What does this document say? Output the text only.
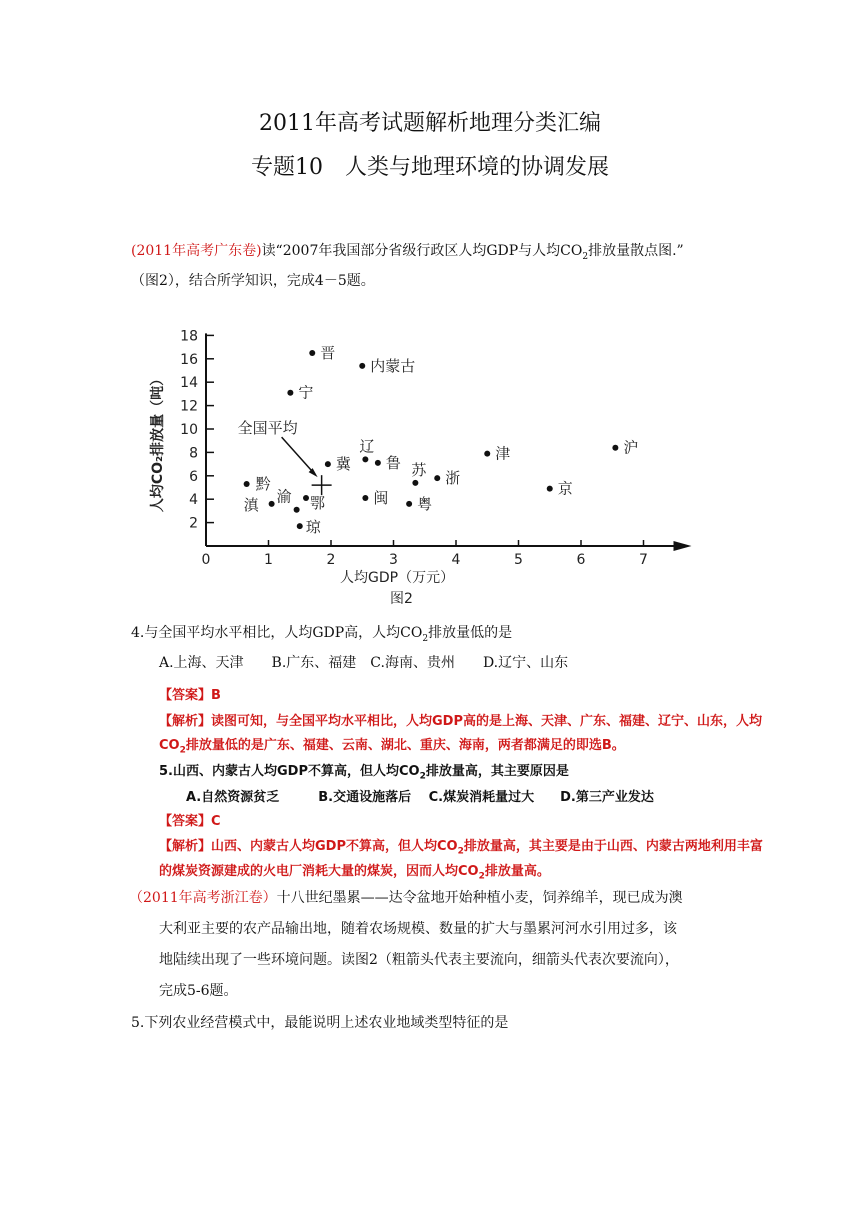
2011年高考试题解析地理分类汇编
专题10　人类与地理环境的协调发展
(2011年高考广东卷)读“2007年我国部分省级行政区人均GDP与人均$CO_2$排放量散点图.”
（图2），结合所学知识，完成4－5题。
0	1	2	3	4	5	6	7
2
4
6
8
10
12
14
16
18
晋
内蒙古
宁
辽
冀 鲁
津	沪
黔
苏 浙
京
滇	鄂	闽 粤
渝
琼
全国平均
人均GDP（万元）
图2
人均CO₂排放量（吨）
4.与全国平均水平相比，人均GDP高，人均$CO_2$排放量低的是
A.上海、天津　　B.广东、福建　C.海南、贵州　　D.辽宁、山东
【答案】B
【解析】读图可知，与全国平均水平相比，人均GDP高的是上海、天津、广东、福建、辽宁、山东，人均
$CO_2$排放量低的是广东、福建、云南、湖北、重庆、海南，两者都满足的即选B。
5.山西、内蒙古人均GDP不算高，但人均$CO_2$排放量高，其主要原因是
A.自然资源贫乏　　　B.交通设施落后　 C.煤炭消耗量过大　　D.第三产业发达
【答案】C
【解析】山西、内蒙古人均GDP不算高，但人均$CO_2$排放量高，其主要是由于山西、内蒙古两地利用丰富
的煤炭资源建成的火电厂消耗大量的煤炭，因而人均$CO_2$排放量高。
（2011年高考浙江卷）十八世纪墨累——达令盆地开始种植小麦，饲养绵羊，现已成为澳
大利亚主要的农产品输出地，随着农场规模、数量的扩大与墨累河河水引用过多，该
地陆续出现了一些环境问题。读图2（粗箭头代表主要流向，细箭头代表次要流向），
完成5-6题。
5.下列农业经营模式中，最能说明上述农业地域类型特征的是
